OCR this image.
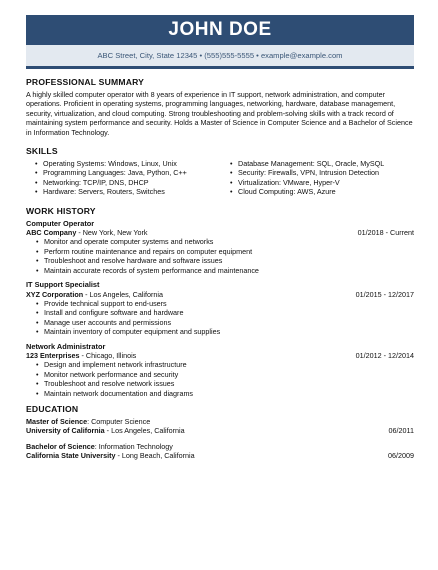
JOHN DOE
ABC Street, City, State 12345 • (555)555-5555 • example@example.com
PROFESSIONAL SUMMARY

A highly skilled computer operator with 8 years of experience in IT support, network administration, and computer operations. Proficient in operating systems, programming languages, networking, hardware, database management, security, virtualization, and cloud computing. Strong troubleshooting and problem-solving skills with a track record of maintaining system performance and security. Holds a Master of Science in Computer Science and a Bachelor of Science in Information Technology.

SKILLS
• Operating Systems: Windows, Linux, Unix
• Programming Languages: Java, Python, C++
• Networking: TCP/IP, DNS, DHCP
• Hardware: Servers, Routers, Switches
• Database Management: SQL, Oracle, MySQL
• Security: Firewalls, VPN, Intrusion Detection
• Virtualization: VMware, Hyper-V
• Cloud Computing: AWS, Azure
WORK HISTORY
Computer Operator
ABC Company - New York, New York	01/2018 - Current
• Monitor and operate computer systems and networks
• Perform routine maintenance and repairs on computer equipment
• Troubleshoot and resolve hardware and software issues
• Maintain accurate records of system performance and maintenance
IT Support Specialist
XYZ Corporation - Los Angeles, California	01/2015 - 12/2017
• Provide technical support to end-users
• Install and configure software and hardware
• Manage user accounts and permissions
• Maintain inventory of computer equipment and supplies
Network Administrator
123 Enterprises - Chicago, Illinois	01/2012 - 12/2014
• Design and implement network infrastructure
• Monitor network performance and security
• Troubleshoot and resolve network issues
• Maintain network documentation and diagrams
EDUCATION
Master of Science: Computer Science
University of California - Los Angeles, California	06/2011
Bachelor of Science: Information Technology
California State University - Long Beach, California	06/2009
